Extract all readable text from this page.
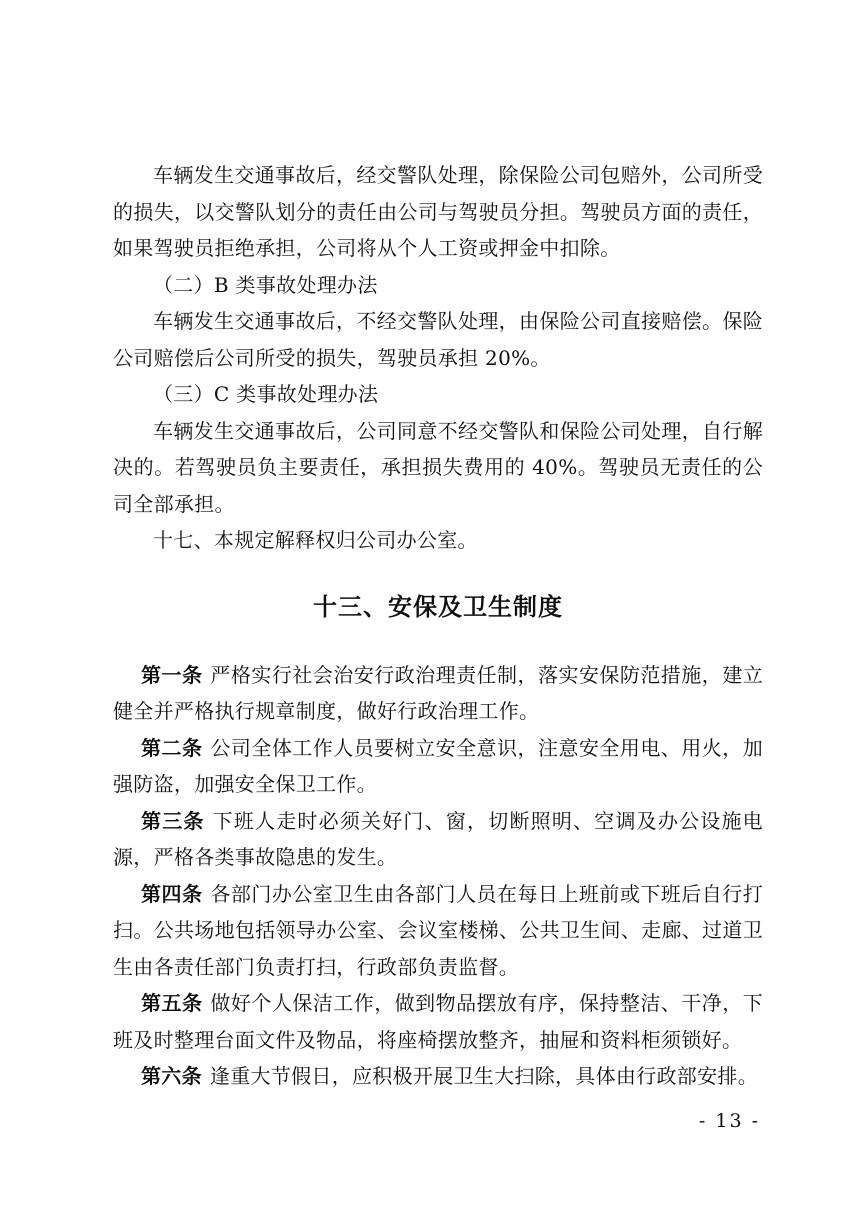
车辆发生交通事故后，经交警队处理，除保险公司包赔外，公司所受的损失，以交警队划分的责任由公司与驾驶员分担。驾驶员方面的责任，如果驾驶员拒绝承担，公司将从个人工资或押金中扣除。

（二）B 类事故处理办法

车辆发生交通事故后，不经交警队处理，由保险公司直接赔偿。保险公司赔偿后公司所受的损失，驾驶员承担 20%。

（三）C 类事故处理办法

车辆发生交通事故后，公司同意不经交警队和保险公司处理，自行解决的。若驾驶员负主要责任，承担损失费用的 40%。驾驶员无责任的公司全部承担。

十七、本规定解释权归公司办公室。

十三、安保及卫生制度

第一条 严格实行社会治安行政治理责任制，落实安保防范措施，建立健全并严格执行规章制度，做好行政治理工作。

第二条 公司全体工作人员要树立安全意识，注意安全用电、用火，加强防盗，加强安全保卫工作。

第三条 下班人走时必须关好门、窗，切断照明、空调及办公设施电源，严格各类事故隐患的发生。

第四条 各部门办公室卫生由各部门人员在每日上班前或下班后自行打扫。公共场地包括领导办公室、会议室楼梯、公共卫生间、走廊、过道卫生由各责任部门负责打扫，行政部负责监督。

第五条 做好个人保洁工作，做到物品摆放有序，保持整洁、干净，下班及时整理台面文件及物品，将座椅摆放整齐，抽屉和资料柜须锁好。

第六条 逢重大节假日，应积极开展卫生大扫除，具体由行政部安排。

- 13 -
